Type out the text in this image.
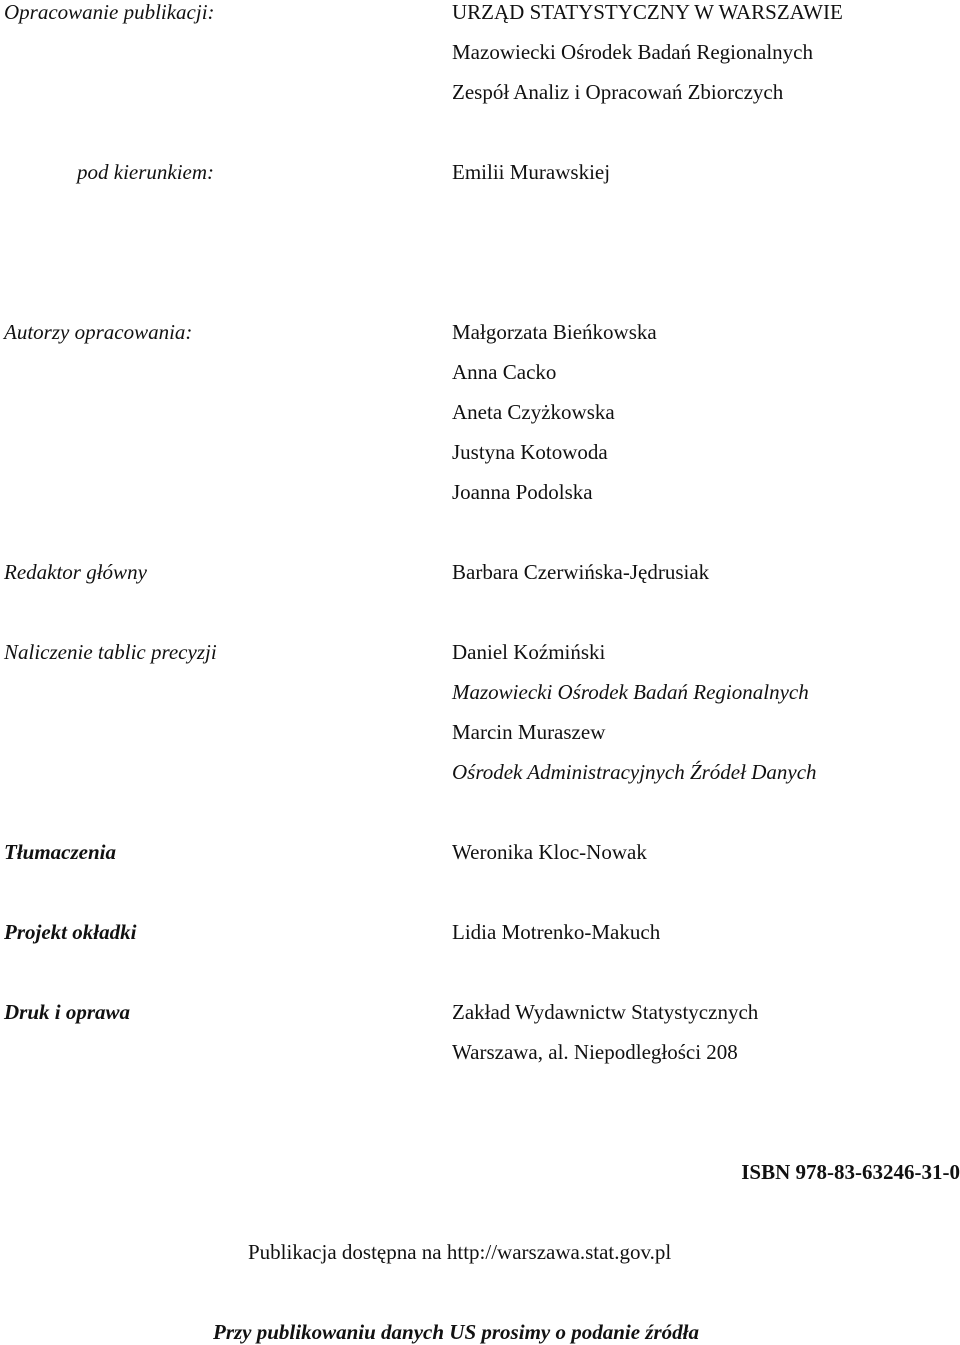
Opracowanie publikacji:	URZĄD STATYSTYCZNY W WARSZAWIE
Mazowiecki Ośrodek Badań Regionalnych
Zespół Analiz i Opracowań Zbiorczych
pod kierunkiem:	Emilii Murawskiej
Autorzy opracowania:	Małgorzata Bieńkowska
Anna Cacko
Aneta Czyżkowska
Justyna Kotowoda
Joanna Podolska
Redaktor główny	Barbara Czerwińska-Jędrusiak
Naliczenie tablic precyzji	Daniel Koźmiński
Mazowiecki Ośrodek Badań Regionalnych
Marcin Muraszew
Ośrodek Administracyjnych Źródeł Danych
Tłumaczenia	Weronika Kloc-Nowak
Projekt okładki	Lidia Motrenko-Makuch
Druk i oprawa	Zakład Wydawnictw Statystycznych
Warszawa, al. Niepodległości 208
ISBN 978-83-63246-31-0
Publikacja dostępna na http://warszawa.stat.gov.pl
Przy publikowaniu danych US prosimy o podanie źródła
